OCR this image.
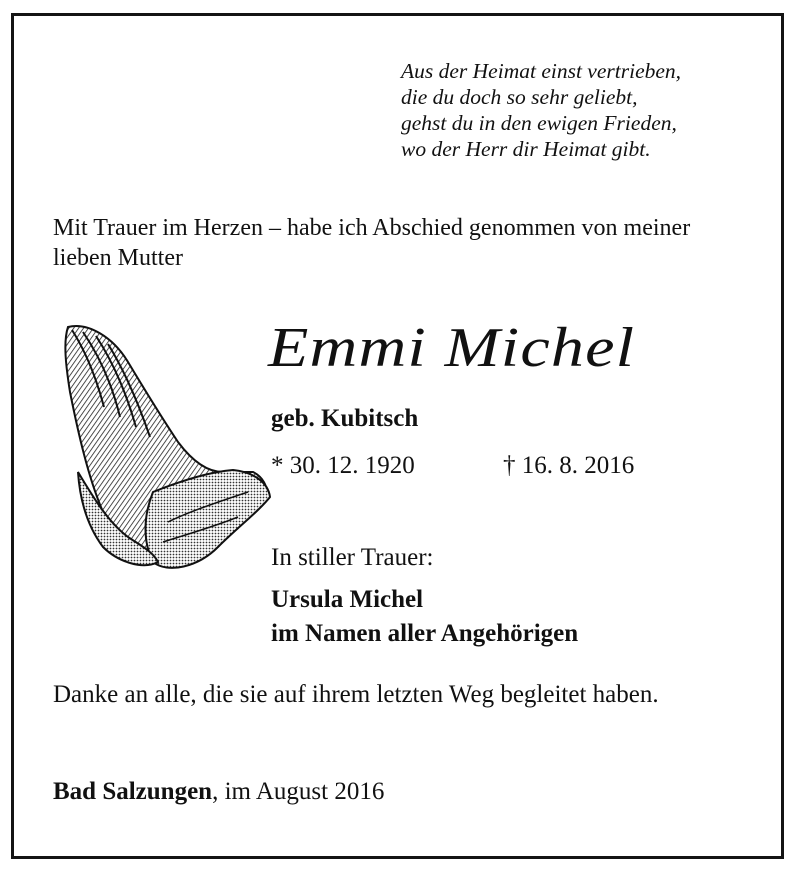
Aus der Heimat einst vertrieben,
die du doch so sehr geliebt,
gehst du in den ewigen Frieden,
wo der Herr dir Heimat gibt.
Mit Trauer im Herzen – habe ich Abschied genommen von meiner lieben Mutter
Emmi Michel
geb. Kubitsch
* 30. 12. 1920	† 16. 8. 2016
In stiller Trauer:
Ursula Michel
im Namen aller Angehörigen
Danke an alle, die sie auf ihrem letzten Weg begleitet haben.
Bad Salzungen, im August 2016
